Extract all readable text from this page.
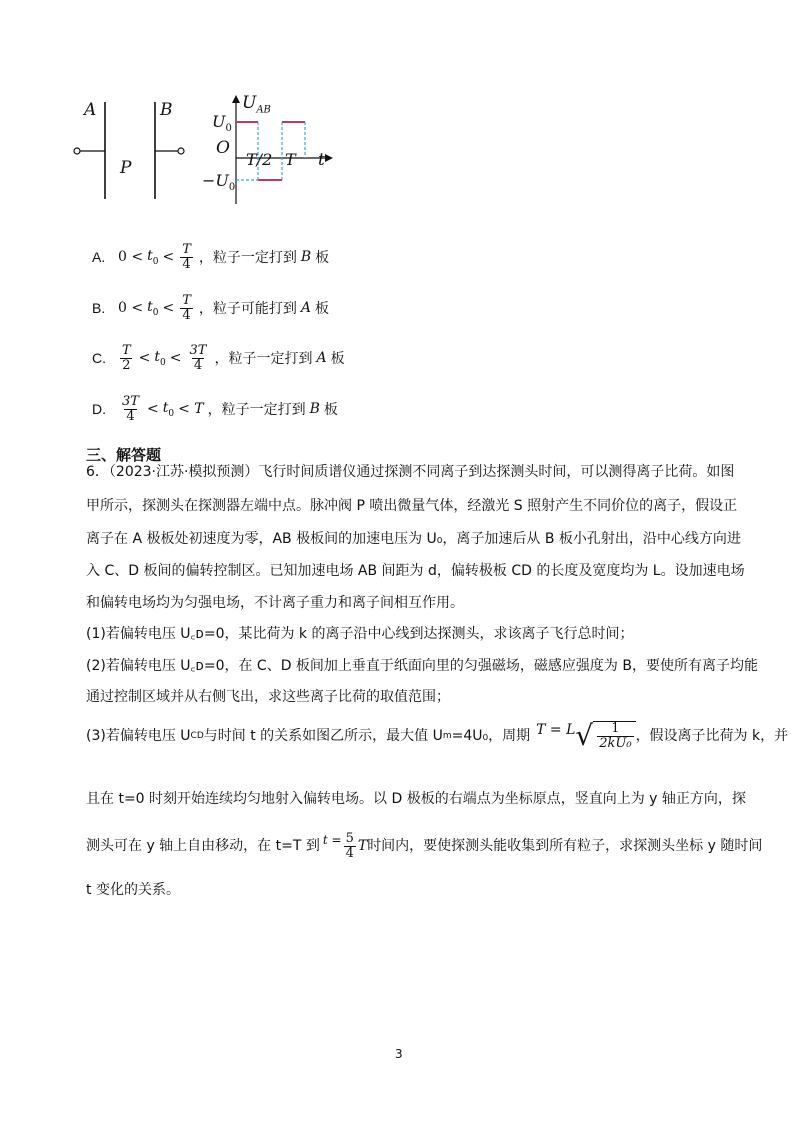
A	B
P
$U_{AB}$
$U_0$
O
T/2 T t
$-U_0$
A. $0 < t_0 < \frac{T}{4}$ ，粒子一定打到 B 板
B. $0 < t_0 < \frac{T}{4}$ ，粒子可能打到 A 板
C.	$\frac{T}{2} < t_0 < \frac{3T}{4}$ ，粒子一定打到 A 板
D.	$\frac{3T}{4} < t_0 < T$ ，粒子一定打到 B 板
三、解答题
6．（2023·江苏·模拟预测）飞行时间质谱仪通过探测不同离子到达探测头时间，可以测得离子比荷。如图
甲所示，探测头在探测器左端中点。脉冲阀 P 喷出微量气体，经激光 S 照射产生不同价位的离子，假设正
离子在 A 极板处初速度为零，AB 极板间的加速电压为 U₀，离子加速后从 B 板小孔射出，沿中心线方向进
入 C、D 板间的偏转控制区。已知加速电场 AB 间距为 d，偏转极板 CD 的长度及宽度均为 L。设加速电场
和偏转电场均为匀强电场，不计离子重力和离子间相互作用。
(1)若偏转电压 U꜀ᴅ=0，某比荷为 k 的离子沿中心线到达探测头，求该离子飞行总时间；
(2)若偏转电压 U꜀ᴅ=0，在 C、D 板间加上垂直于纸面向里的匀强磁场，磁感应强度为 B，要使所有离子均能
通过控制区域并从右侧飞出，求这些离子比荷的取值范围；
(3)若偏转电压 U CD 与时间 t 的关系如图乙所示，最大值 U m =4U₀，周期 T = L √ $\frac{1}{\text{2kU₀}}$ ，假设离子比荷为 k，并
且在 t=0 时刻开始连续均匀地射入偏转电场。以 D 极板的右端点为坐标原点，竖直向上为 y 轴正方向，探
测头可在 y 轴上自由移动，在 t=T 到 $t = \frac{5}{4}$ T 时间内，要使探测头能收集到所有粒子，求探测头坐标 y 随时间
t 变化的关系。
3
